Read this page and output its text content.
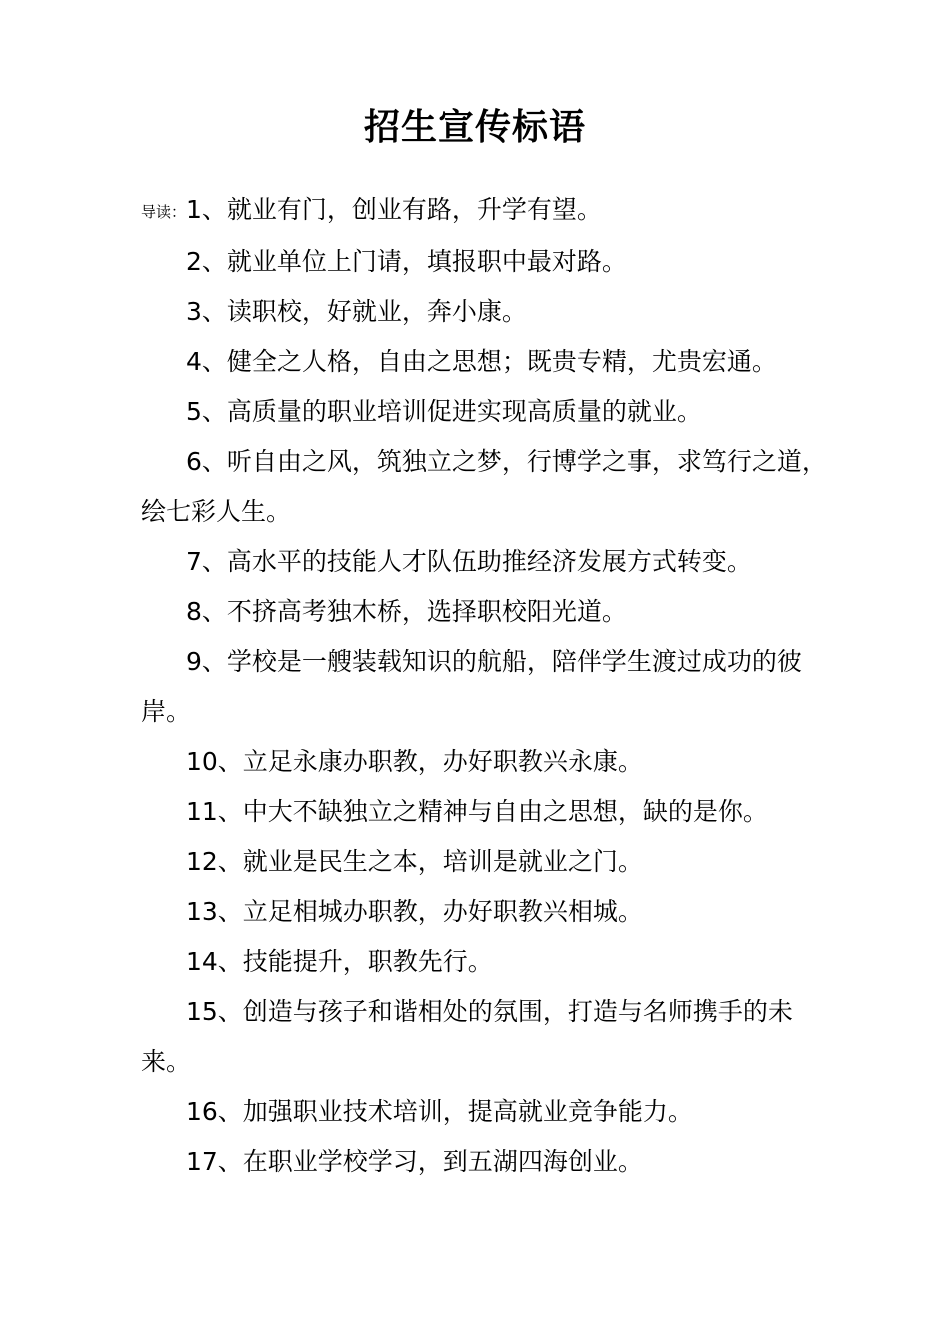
招生宣传标语

导读：1、就业有门，创业有路，升学有望。

2、就业单位上门请，填报职中最对路。

3、读职校，好就业，奔小康。

4、健全之人格，自由之思想；既贵专精，尤贵宏通。

5、高质量的职业培训促进实现高质量的就业。

6、听自由之风，筑独立之梦，行博学之事，求笃行之道，绘七彩人生。

7、高水平的技能人才队伍助推经济发展方式转变。

8、不挤高考独木桥，选择职校阳光道。

9、学校是一艘装载知识的航船，陪伴学生渡过成功的彼岸。

10、立足永康办职教，办好职教兴永康。

11、中大不缺独立之精神与自由之思想，缺的是你。

12、就业是民生之本，培训是就业之门。

13、立足相城办职教，办好职教兴相城。

14、技能提升，职教先行。

15、创造与孩子和谐相处的氛围，打造与名师携手的未来。

16、加强职业技术培训，提高就业竞争能力。

17、在职业学校学习，到五湖四海创业。
